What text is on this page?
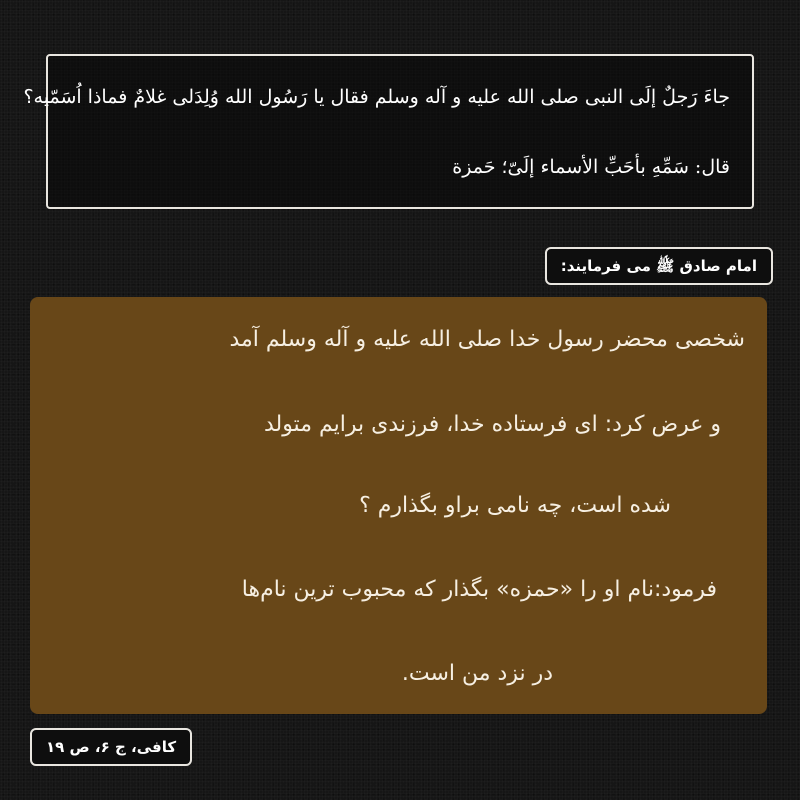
جاءَ رَجلٌ إلَی النبی صلی الله علیه و آله وسلم فقال یا رَسُول الله وُلِدَلی غلامٌ فماذا اُسَمّیه؟
قال: سَمِّهِ بأحَبِّ الأسماء إلَیّ؛ حَمزة
امام صادق ﷺ می فرمایند:
شخصی محضر رسول خدا صلی الله علیه و آله وسلم آمد
و عرض کرد: ای فرستاده خدا، فرزندی برایم متولد
شده است، چه نامی براو بگذارم ؟
فرمود:نام او را «حمزه» بگذار که محبوب ترین نام‌ها
در نزد من است.
کافی، ج ۶، ص ۱۹
